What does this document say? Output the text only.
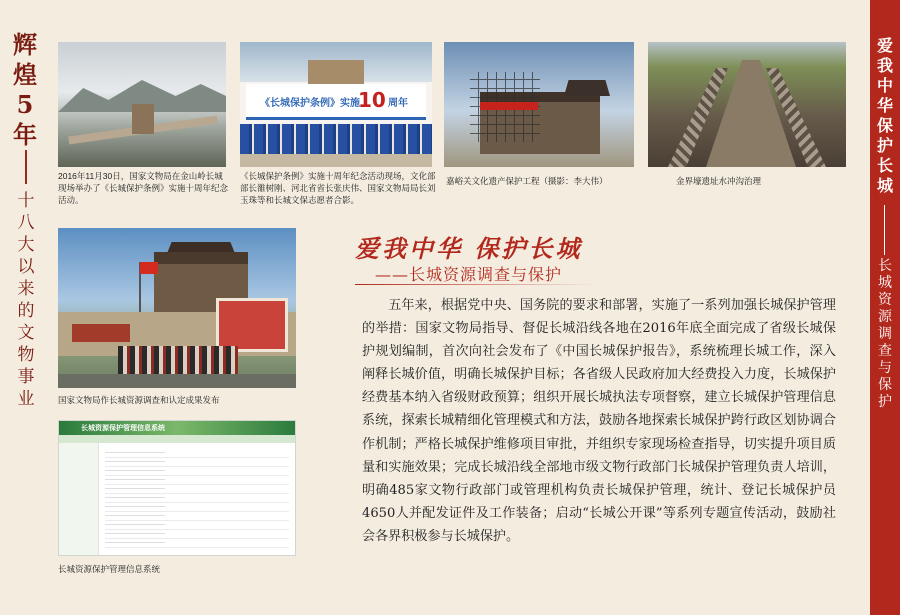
辉煌5年
十八大以来的文物事业
爱我中华 保护长城
长城资源调查与保护
2016年11月30日，国家文物局在金山岭长城现场举办了《长城保护条例》实施十周年纪念活动。
《长城保护条例》实施
10 周年
《长城保护条例》实施十周年纪念活动现场，文化部部长雒树刚、河北省省长张庆伟、国家文物局局长刘玉珠等和长城文保志愿者合影。
嘉峪关文化遗产保护工程（摄影：李大伟）	金界壕遗址水冲沟治理
国家文物局作长城资源调查和认定成果发布
长城资源保护管理信息系统
长城资源保护管理信息系统
爱我中华 保护长城
——长城资源调查与保护
五年来，根据党中央、国务院的要求和部署，实施了一系列加强长城保护管理的举措：国家文物局指导、督促长城沿线各地在2016年底全面完成了省级长城保护规划编制，首次向社会发布了《中国长城保护报告》，系统梳理长城工作，深入阐释长城价值，明确长城保护目标；各省级人民政府加大经费投入力度，长城保护经费基本纳入省级财政预算；组织开展长城执法专项督察，建立长城保护管理信息系统，探索长城精细化管理模式和方法，鼓励各地探索长城保护跨行政区划协调合作机制；严格长城保护维修项目审批，并组织专家现场检查指导，切实提升项目质量和实施效果；完成长城沿线全部地市级文物行政部门长城保护管理负责人培训，明确485家文物行政部门或管理机构负责长城保护管理，统计、登记长城保护员4650人并配发证件及工作装备；启动“长城公开课”等系列专题宣传活动，鼓励社会各界积极参与长城保护。
